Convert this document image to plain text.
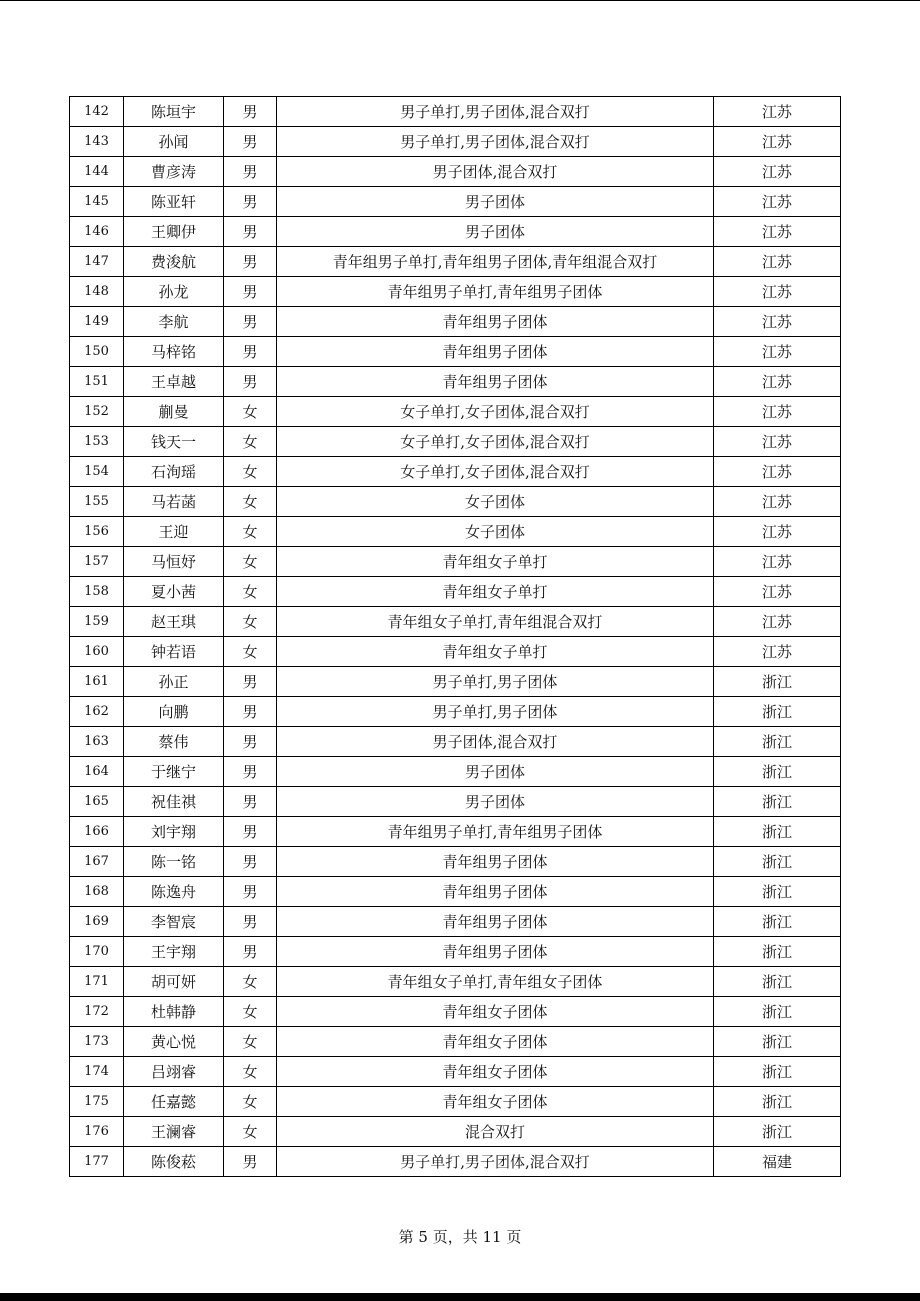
142	陈垣宇	男	男子单打,男子团体,混合双打	江苏
143	孙闻	男	男子单打,男子团体,混合双打	江苏
144	曹彦涛	男	男子团体,混合双打	江苏
145	陈亚轩	男	男子团体	江苏
146	王卿伊	男	男子团体	江苏
147	费浚航	男	青年组男子单打,青年组男子团体,青年组混合双打	江苏
148	孙龙	男	青年组男子单打,青年组男子团体	江苏
149	李航	男	青年组男子团体	江苏
150	马梓铭	男	青年组男子团体	江苏
151	王卓越	男	青年组男子团体	江苏
152	蒯曼	女	女子单打,女子团体,混合双打	江苏
153	钱天一	女	女子单打,女子团体,混合双打	江苏
154	石洵瑶	女	女子单打,女子团体,混合双打	江苏
155	马若菡	女	女子团体	江苏
156	王迎	女	女子团体	江苏
157	马恒妤	女	青年组女子单打	江苏
158	夏小茜	女	青年组女子单打	江苏
159	赵王琪	女	青年组女子单打,青年组混合双打	江苏
160	钟若语	女	青年组女子单打	江苏
161	孙正	男	男子单打,男子团体	浙江
162	向鹏	男	男子单打,男子团体	浙江
163	蔡伟	男	男子团体,混合双打	浙江
164	于继宁	男	男子团体	浙江
165	祝佳祺	男	男子团体	浙江
166	刘宇翔	男	青年组男子单打,青年组男子团体	浙江
167	陈一铭	男	青年组男子团体	浙江
168	陈逸舟	男	青年组男子团体	浙江
169	李智宸	男	青年组男子团体	浙江
170	王宇翔	男	青年组男子团体	浙江
171	胡可妍	女	青年组女子单打,青年组女子团体	浙江
172	杜韩静	女	青年组女子团体	浙江
173	黄心悦	女	青年组女子团体	浙江
174	吕翊睿	女	青年组女子团体	浙江
175	任嘉懿	女	青年组女子团体	浙江
176	王澜睿	女	混合双打	浙江
177	陈俊菘	男	男子单打,男子团体,混合双打	福建
第 5 页，共 11 页
